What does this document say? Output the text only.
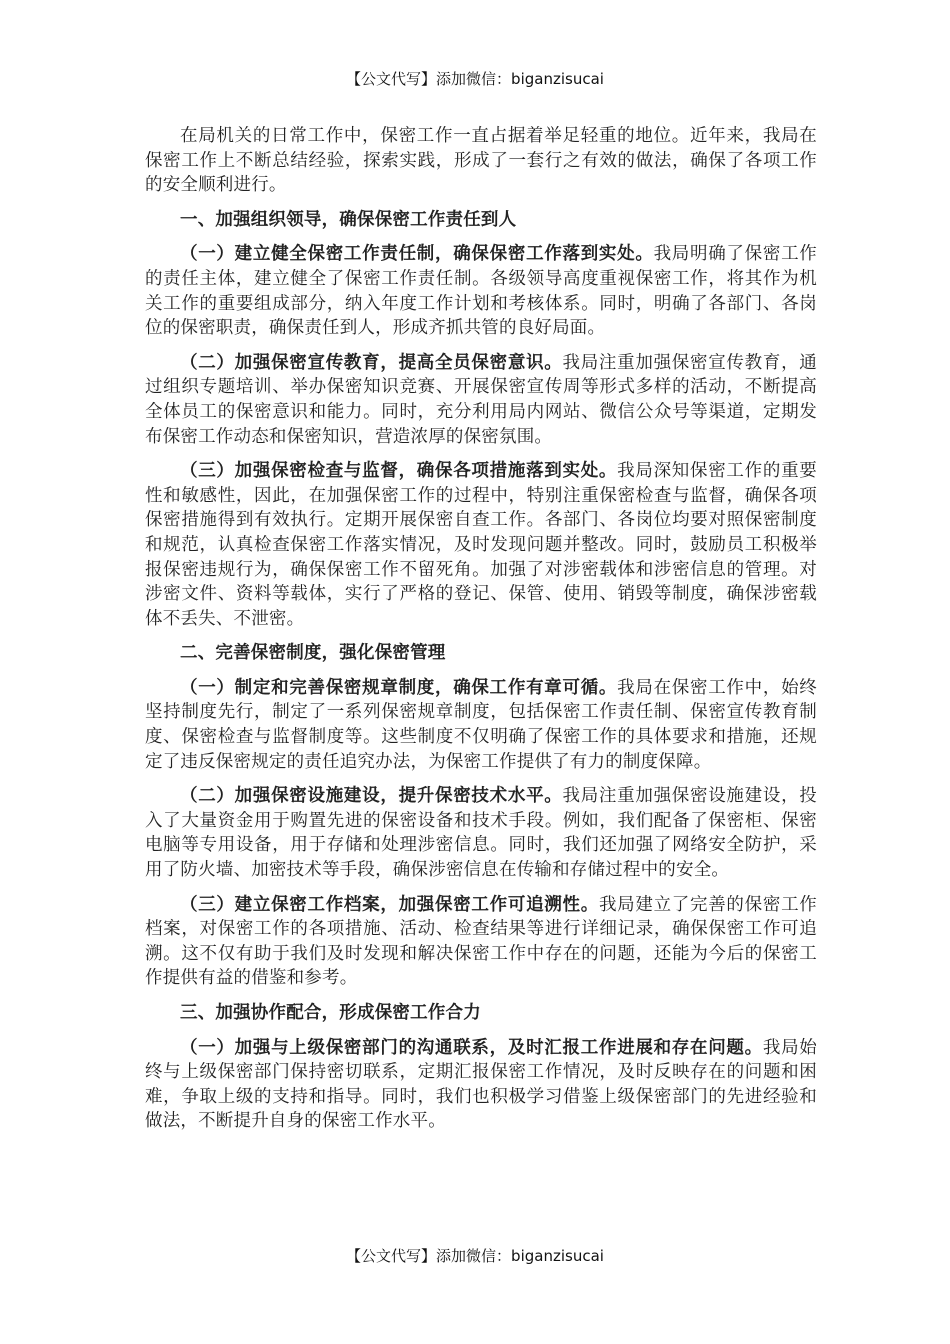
【公文代写】添加微信：biganzisucai

在局机关的日常工作中，保密工作一直占据着举足轻重的地位。近年来，我局在保密工作上不断总结经验，探索实践，形成了一套行之有效的做法，确保了各项工作的安全顺利进行。

一、加强组织领导，确保保密工作责任到人

（一）建立健全保密工作责任制，确保保密工作落到实处。我局明确了保密工作的责任主体，建立健全了保密工作责任制。各级领导高度重视保密工作，将其作为机关工作的重要组成部分，纳入年度工作计划和考核体系。同时，明确了各部门、各岗位的保密职责，确保责任到人，形成齐抓共管的良好局面。

（二）加强保密宣传教育，提高全员保密意识。我局注重加强保密宣传教育，通过组织专题培训、举办保密知识竞赛、开展保密宣传周等形式多样的活动，不断提高全体员工的保密意识和能力。同时，充分利用局内网站、微信公众号等渠道，定期发布保密工作动态和保密知识，营造浓厚的保密氛围。

（三）加强保密检查与监督，确保各项措施落到实处。我局深知保密工作的重要性和敏感性，因此，在加强保密工作的过程中，特别注重保密检查与监督，确保各项保密措施得到有效执行。定期开展保密自查工作。各部门、各岗位均要对照保密制度和规范，认真检查保密工作落实情况，及时发现问题并整改。同时，鼓励员工积极举报保密违规行为，确保保密工作不留死角。加强了对涉密载体和涉密信息的管理。对涉密文件、资料等载体，实行了严格的登记、保管、使用、销毁等制度，确保涉密载体不丢失、不泄密。

二、完善保密制度，强化保密管理

（一）制定和完善保密规章制度，确保工作有章可循。我局在保密工作中，始终坚持制度先行，制定了一系列保密规章制度，包括保密工作责任制、保密宣传教育制度、保密检查与监督制度等。这些制度不仅明确了保密工作的具体要求和措施，还规定了违反保密规定的责任追究办法，为保密工作提供了有力的制度保障。

（二）加强保密设施建设，提升保密技术水平。我局注重加强保密设施建设，投入了大量资金用于购置先进的保密设备和技术手段。例如，我们配备了保密柜、保密电脑等专用设备，用于存储和处理涉密信息。同时，我们还加强了网络安全防护，采用了防火墙、加密技术等手段，确保涉密信息在传输和存储过程中的安全。

（三）建立保密工作档案，加强保密工作可追溯性。我局建立了完善的保密工作档案，对保密工作的各项措施、活动、检查结果等进行详细记录，确保保密工作可追溯。这不仅有助于我们及时发现和解决保密工作中存在的问题，还能为今后的保密工作提供有益的借鉴和参考。

三、加强协作配合，形成保密工作合力

（一）加强与上级保密部门的沟通联系，及时汇报工作进展和存在问题。我局始终与上级保密部门保持密切联系，定期汇报保密工作情况，及时反映存在的问题和困难，争取上级的支持和指导。同时，我们也积极学习借鉴上级保密部门的先进经验和做法，不断提升自身的保密工作水平。

【公文代写】添加微信：biganzisucai
